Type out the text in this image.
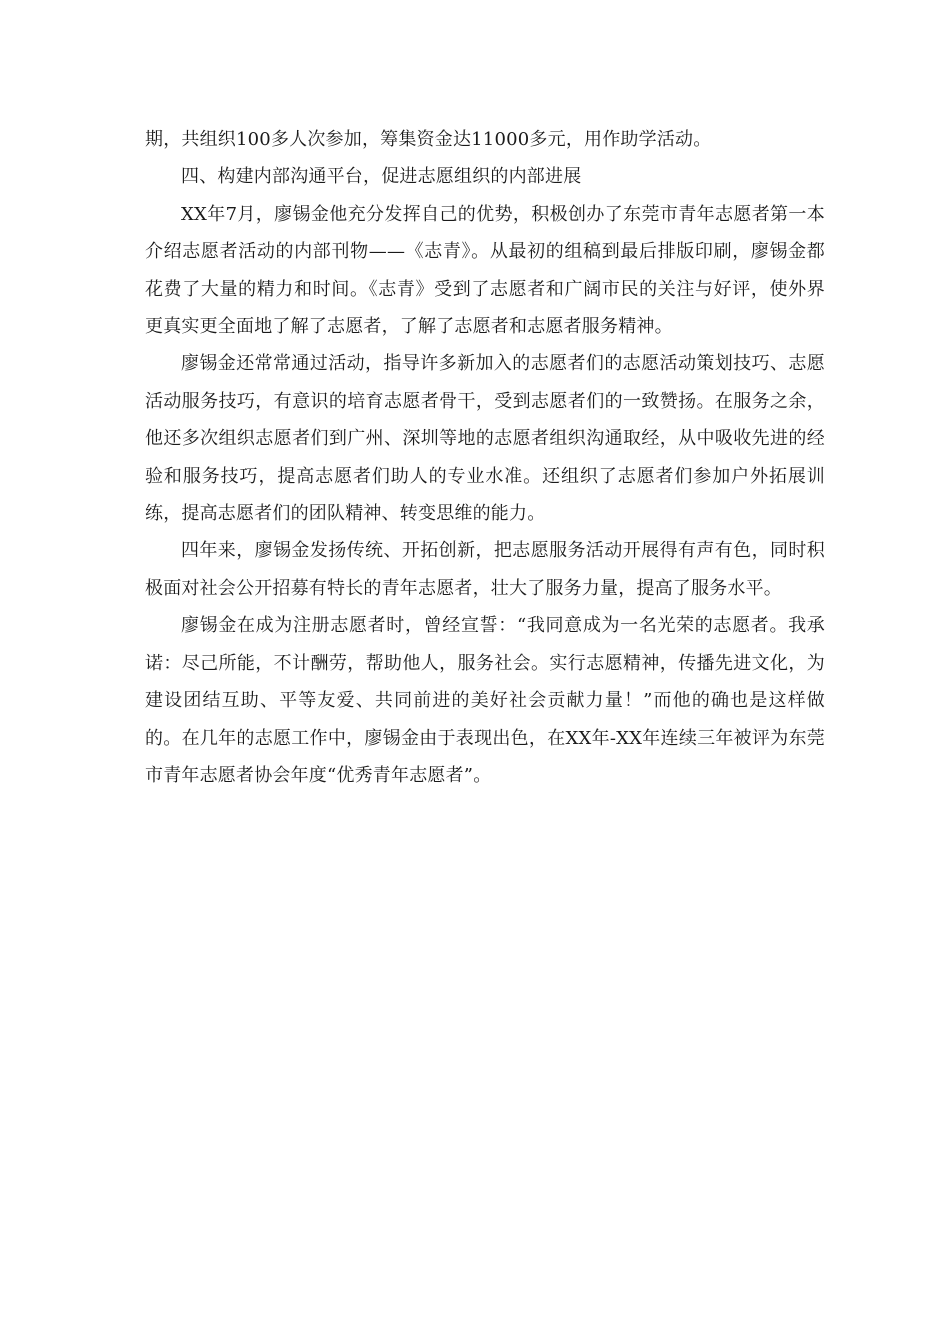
期，共组织100多人次参加，筹集资金达11000多元，用作助学活动。

四、构建内部沟通平台，促进志愿组织的内部进展

XX年7月，廖锡金他充分发挥自己的优势，积极创办了东莞市青年志愿者第一本介绍志愿者活动的内部刊物——《志青》。从最初的组稿到最后排版印刷，廖锡金都花费了大量的精力和时间。《志青》受到了志愿者和广阔市民的关注与好评，使外界更真实更全面地了解了志愿者，了解了志愿者和志愿者服务精神。

廖锡金还常常通过活动，指导许多新加入的志愿者们的志愿活动策划技巧、志愿活动服务技巧，有意识的培育志愿者骨干，受到志愿者们的一致赞扬。在服务之余，他还多次组织志愿者们到广州、深圳等地的志愿者组织沟通取经，从中吸收先进的经验和服务技巧，提高志愿者们助人的专业水准。还组织了志愿者们参加户外拓展训练，提高志愿者们的团队精神、转变思维的能力。

四年来，廖锡金发扬传统、开拓创新，把志愿服务活动开展得有声有色，同时积极面对社会公开招募有特长的青年志愿者，壮大了服务力量，提高了服务水平。

廖锡金在成为注册志愿者时，曾经宣誓：“我同意成为一名光荣的志愿者。我承诺：尽己所能，不计酬劳，帮助他人，服务社会。实行志愿精神，传播先进文化，为建设团结互助、平等友爱、共同前进的美好社会贡献力量！”而他的确也是这样做的。在几年的志愿工作中，廖锡金由于表现出色，在XX年-XX年连续三年被评为东莞市青年志愿者协会年度“优秀青年志愿者”。
